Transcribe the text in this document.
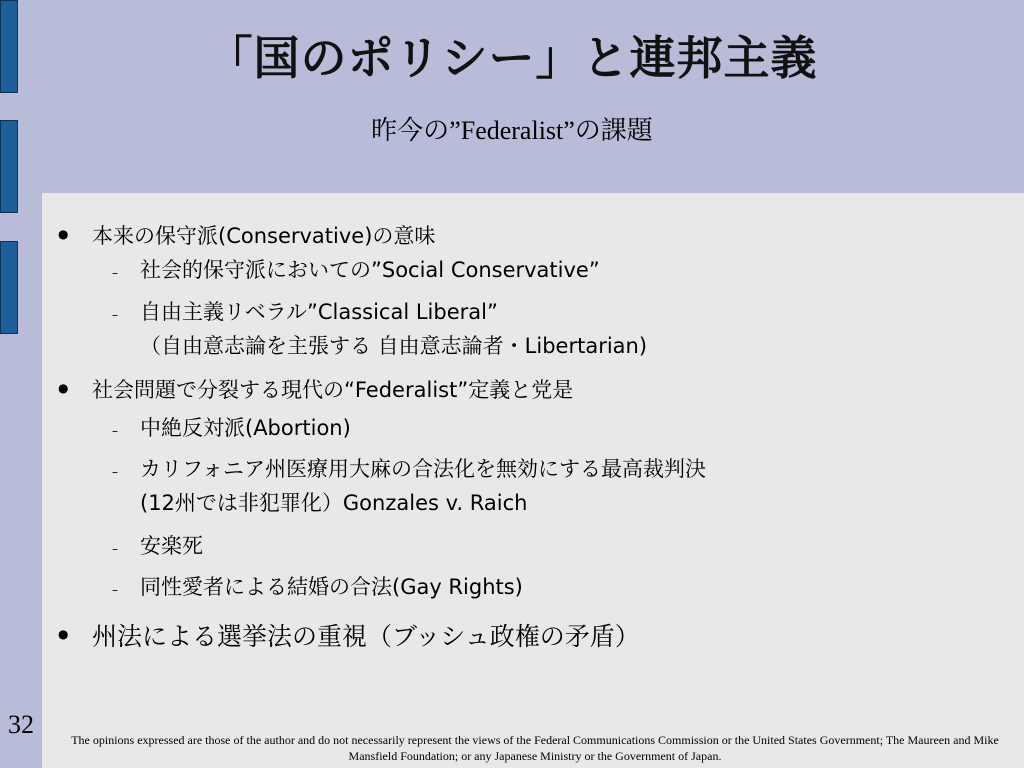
「国のポリシー」と連邦主義
昨今の”Federalist”の課題
● 本来の保守派(Conservative)の意味
– 社会的保守派においての”Social Conservative”
– 自由主義リベラル”Classical Liberal”
（自由意志論を主張する 自由意志論者・Libertarian)
● 社会問題で分裂する現代の“Federalist”定義と党是
– 中絶反対派(Abortion)
– カリフォニア州医療用大麻の合法化を無効にする最高裁判決
(12州では非犯罪化）Gonzales v. Raich
– 安楽死
– 同性愛者による結婚の合法(Gay Rights)
● 州法による選挙法の重視（ブッシュ政権の矛盾）
32
The opinions expressed are those of the author and do not necessarily represent the views of the Federal Communications Commission or the United States Government; The Maureen and Mike Mansfield Foundation; or any Japanese Ministry or the Government of Japan.
